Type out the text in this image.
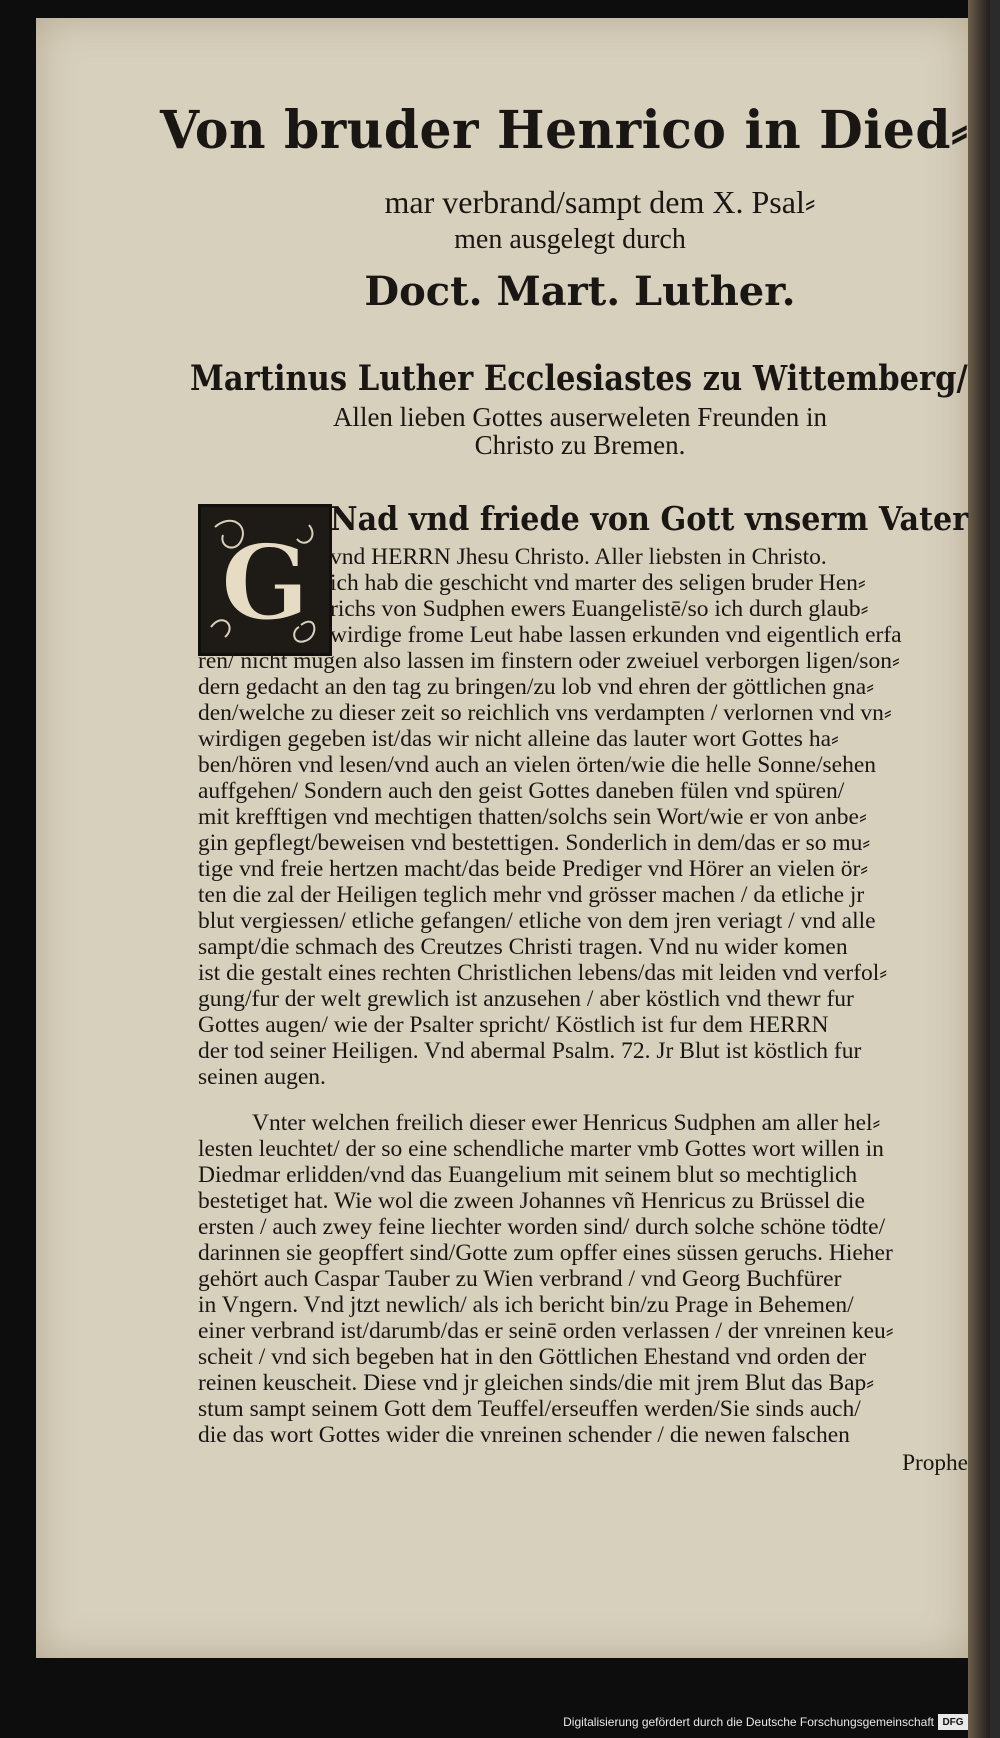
Von bruder Henrico in Died⸗
mar verbrand/sampt dem X. Psal⸗
men ausgelegt durch
Doct. Mart. Luther.
Martinus Luther Ecclesiastes zu Wittemberg/
Allen lieben Gottes auserweleten Freunden in
Christo zu Bremen.
G
Nad vnd friede von Gott vnserm Vater
vnd HERRN Jhesu Christo. Aller liebsten in Christo.
ich hab die geschicht vnd marter des seligen bruder Hen⸗
richs von Sudphen ewers Euangelistē/so ich durch glaub⸗
wirdige frome Leut habe lassen erkunden vnd eigentlich erfa
ren/ nicht mügen also lassen im finstern oder zweiuel verborgen ligen/son⸗
dern gedacht an den tag zu bringen/zu lob vnd ehren der göttlichen gna⸗
den/welche zu dieser zeit so reichlich vns verdampten / verlornen vnd vn⸗
wirdigen gegeben ist/das wir nicht alleine das lauter wort Gottes ha⸗
ben/hören vnd lesen/vnd auch an vielen örten/wie die helle Sonne/sehen
auffgehen/ Sondern auch den geist Gottes daneben fülen vnd spüren/
mit krefftigen vnd mechtigen thatten/solchs sein Wort/wie er von anbe⸗
gin gepflegt/beweisen vnd bestettigen. Sonderlich in dem/das er so mu⸗
tige vnd freie hertzen macht/das beide Prediger vnd Hörer an vielen ör⸗
ten die zal der Heiligen teglich mehr vnd grösser machen / da etliche jr
blut vergiessen/ etliche gefangen/ etliche von dem jren veriagt / vnd alle
sampt/die schmach des Creutzes Christi tragen. Vnd nu wider komen
ist die gestalt eines rechten Christlichen lebens/das mit leiden vnd verfol⸗
gung/fur der welt grewlich ist anzusehen / aber köstlich vnd thewr fur
Gottes augen/ wie der Psalter spricht/ Köstlich ist fur dem HERRN
der tod seiner Heiligen. Vnd abermal Psalm. 72. Jr Blut ist köstlich fur
seinen augen.
Vnter welchen freilich dieser ewer Henricus Sudphen am aller hel⸗
lesten leuchtet/ der so eine schendliche marter vmb Gottes wort willen in
Diedmar erlidden/vnd das Euangelium mit seinem blut so mechtiglich
bestetiget hat. Wie wol die zween Johannes vñ Henricus zu Brüssel die
ersten / auch zwey feine liechter worden sind/ durch solche schöne tödte/
darinnen sie geopffert sind/Gotte zum opffer eines süssen geruchs. Hieher
gehört auch Caspar Tauber zu Wien verbrand / vnd Georg Buchfürer
in Vngern. Vnd jtzt newlich/ als ich bericht bin/zu Prage in Behemen/
einer verbrand ist/darumb/das er seinē orden verlassen / der vnreinen keu⸗
scheit / vnd sich begeben hat in den Göttlichen Ehestand vnd orden der
reinen keuscheit. Diese vnd jr gleichen sinds/die mit jrem Blut das Bap⸗
stum sampt seinem Gott dem Teuffel/erseuffen werden/Sie sinds auch/
die das wort Gottes wider die vnreinen schender / die newen falschen
Prophe
Digitalisierung gefördert durch die Deutsche Forschungsgemeinschaft DFG
